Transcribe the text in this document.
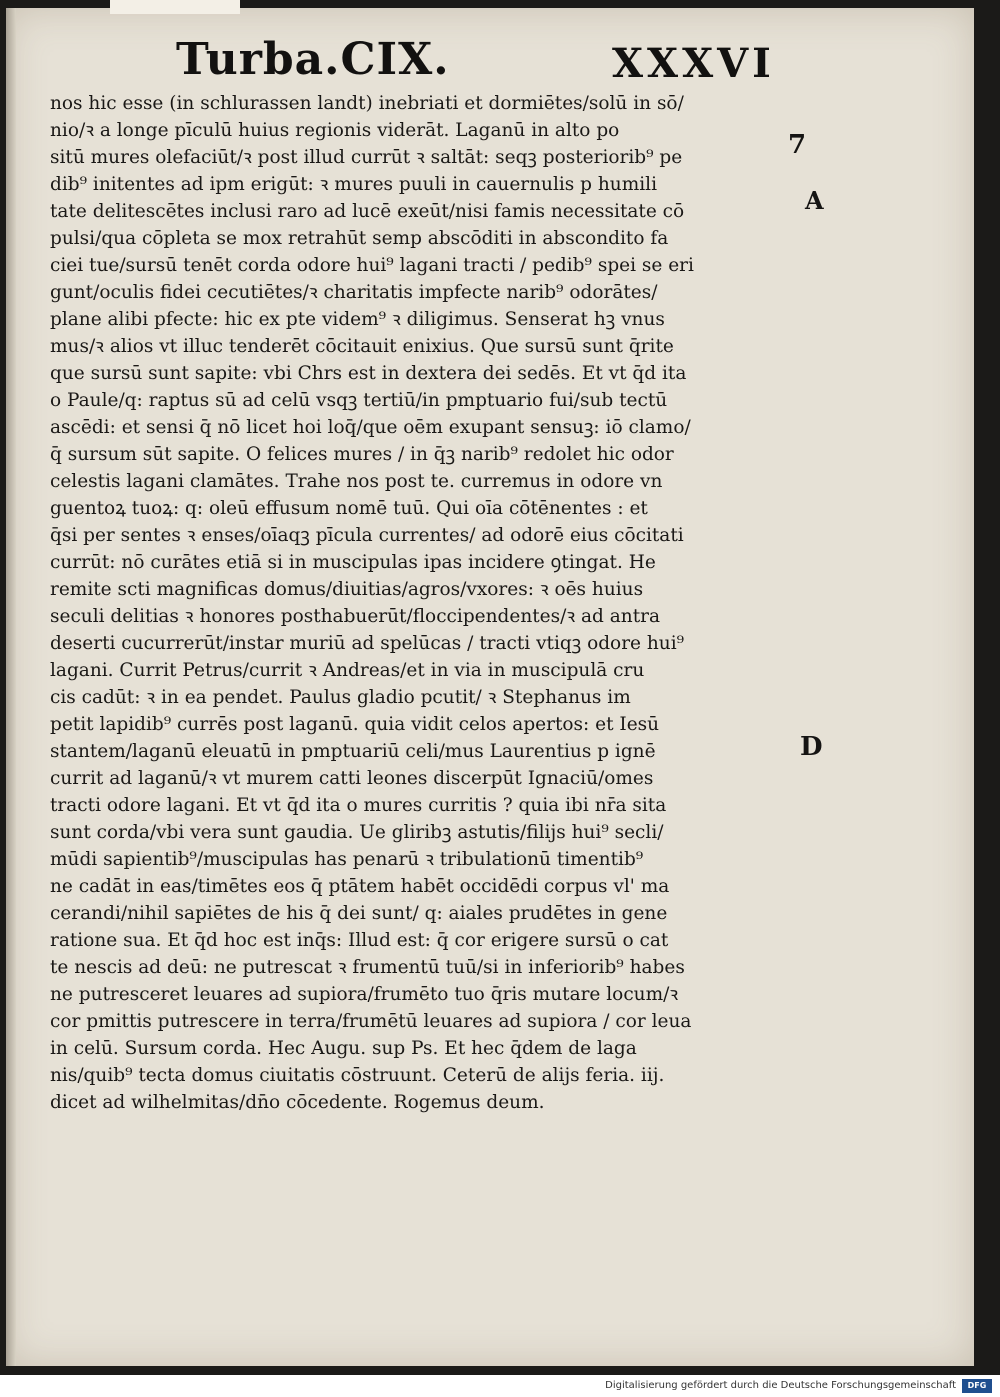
Turba.CIX.	XXXVI
nos hic esse (in schlurassen landt) inebriati et dormiētes/solū in sō/
nio/ꝛ a longe pīculū huius regionis viderāt. Laganū in alto po
sitū mures olefaciūt/ꝛ post illud currūt ꝛ saltāt: seqꝫ posteriorib⁹ pe
dib⁹ initentes ad ipm erigūt: ꝛ mures puuli in cauernulis p humili
tate delitescētes inclusi raro ad lucē exeūt/nisi famis necessitate cō
pulsi/qua cōpleta se mox retrahūt semp abscōditi in abscondito fa
ciei tue/sursū tenēt corda odore hui⁹ lagani tracti / pedib⁹ spei se eri
gunt/oculis fidei cecutiētes/ꝛ charitatis impfecte narib⁹ odorātes/
plane alibi pfecte: hic ex pte videm⁹ ꝛ diligimus. Senserat hꝫ vnus
mus/ꝛ alios vt illuc tenderēt cōcitauit enixius. Que sursū sunt q̄rite
que sursū sunt sapite: vbi Chrs est in dextera dei sedēs. Et vt q̄d ita
o Paule/q: raptus sū ad celū vsqꝫ tertiū/in pmptuario fui/sub tectū
ascēdi: et sensi q̄ nō licet hoi loq̄/que oēm exupant sensuꝫ: iō clamo/
q̄ sursum sūt sapite. O felices mures / in q̄ꝫ narib⁹ redolet hic odor
celestis lagani clamātes. Trahe nos post te. curremus in odore vn
guentoꝝ tuoꝝ: q: oleū effusum nomē tuū. Qui oīa cōtēnentes : et
q̄si per sentes ꝛ enses/oīaqꝫ pīcula currentes/ ad odorē eius cōcitati
currūt: nō curātes etiā si in muscipulas ipas incidere ꝯtingat. He
remite scti magnificas domus/diuitias/agros/vxores: ꝛ oēs huius
seculi delitias ꝛ honores posthabuerūt/floccipendentes/ꝛ ad antra
deserti cucurrerūt/instar muriū ad spelūcas / tracti vtiqꝫ odore hui⁹
lagani. Currit Petrus/currit ꝛ Andreas/et in via in muscipulā cru
cis cadūt: ꝛ in ea pendet. Paulus gladio pcutit/ ꝛ Stephanus im
petit lapidib⁹ currēs post laganū. quia vidit celos apertos: et Iesū
stantem/laganū eleuatū in pmptuariū celi/mus Laurentius p ignē
currit ad laganū/ꝛ vt murem catti leones discerpūt Ignaciū/omes
tracti odore lagani. Et vt q̄d ita o mures curritis ? quia ibi nr̄a sita
sunt corda/vbi vera sunt gaudia. Ue gliribꝫ astutis/filijs hui⁹ secli/
mūdi sapientib⁹/muscipulas has penarū ꝛ tribulationū timentib⁹
ne cadāt in eas/timētes eos q̄ ptātem habēt occidēdi corpus vl' ma
cerandi/nihil sapiētes de his q̄ dei sunt/ q: aiales prudētes in gene
ratione sua. Et q̄d hoc est inq̄s: Illud est: q̄ cor erigere sursū o cat
te nescis ad deū: ne putrescat ꝛ frumentū tuū/si in inferiorib⁹ habes
ne putresceret leuares ad supiora/frumēto tuo q̄ris mutare locum/ꝛ
cor pmittis putrescere in terra/frumētū leuares ad supiora / cor leua
in celū. Sursum corda. Hec Augu. sup Ps. Et hec q̄dem de laga
nis/quib⁹ tecta domus ciuitatis cōstruunt. Ceterū de alijs feria. iij.
dicet ad wilhelmitas/dn̄o cōcedente. Rogemus deum.
7
A
D
Digitalisierung gefördert durch die Deutsche Forschungsgemeinschaft	DFG
